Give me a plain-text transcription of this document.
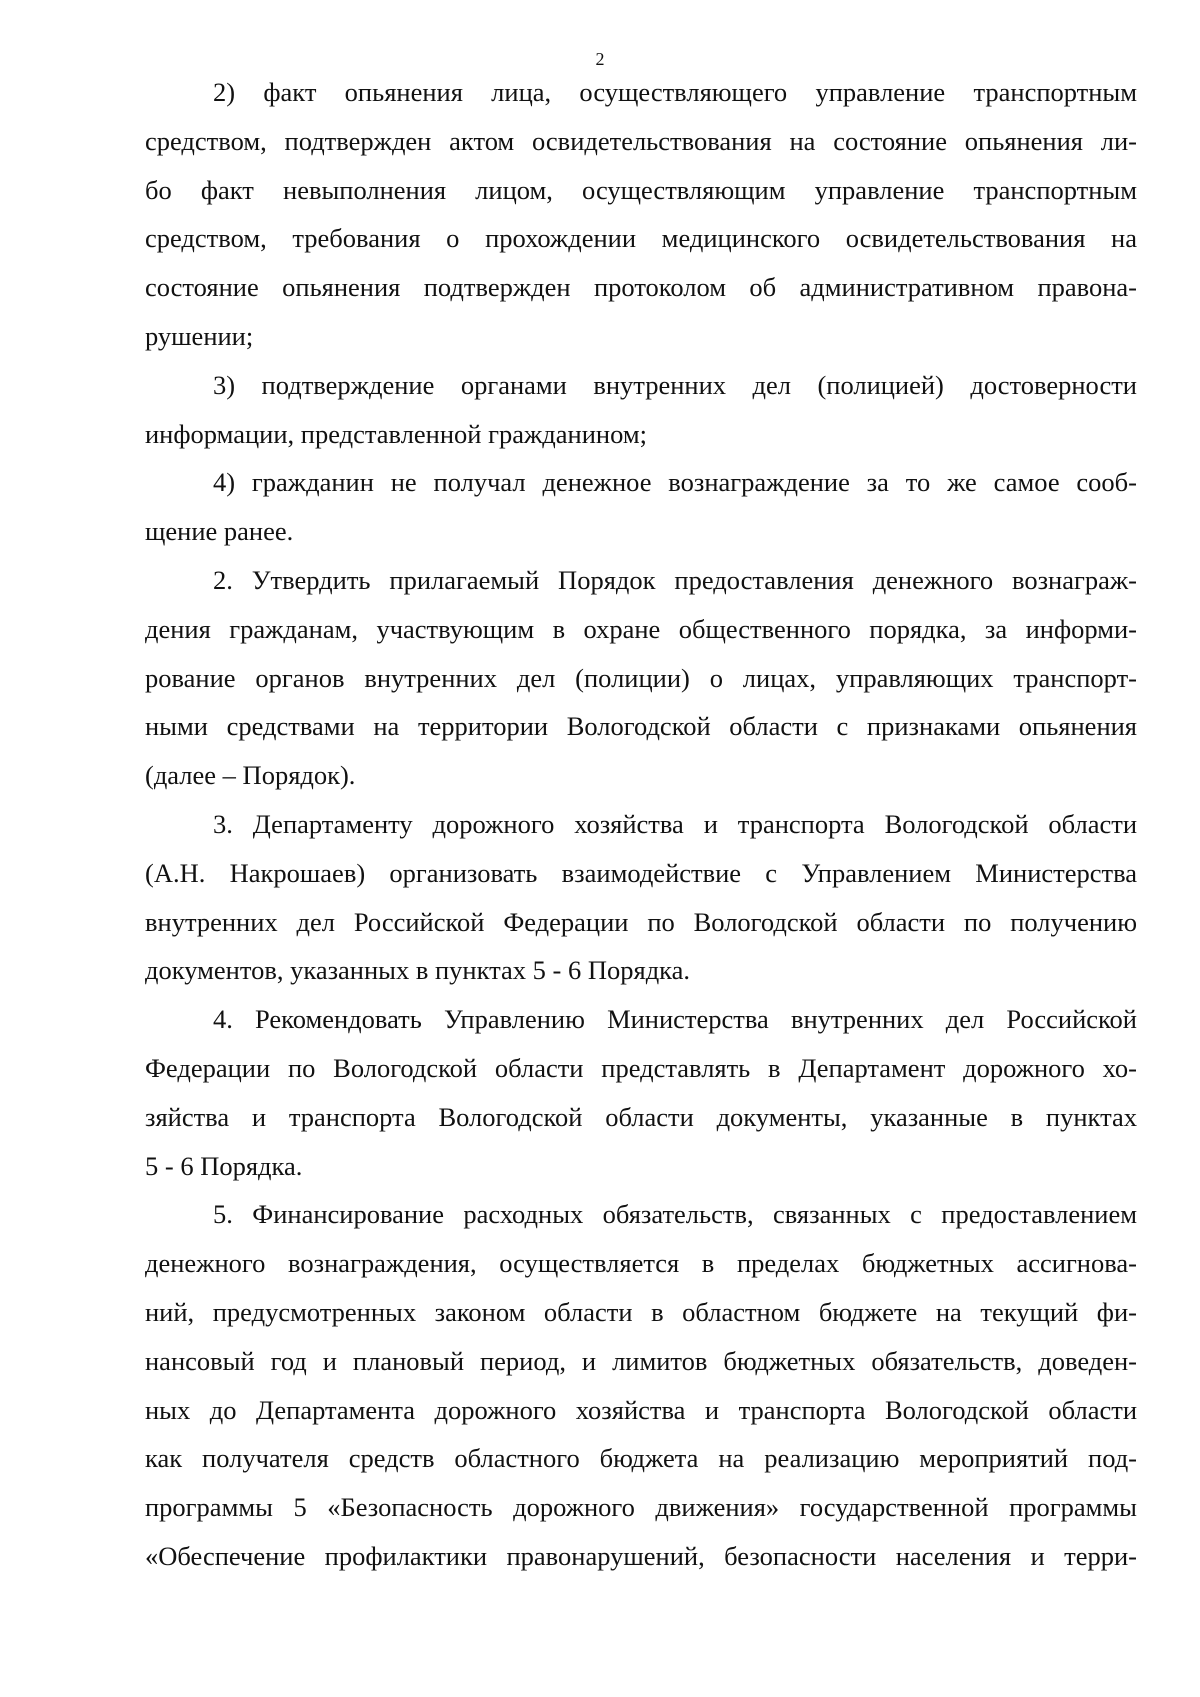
2
2) факт опьянения лица, осуществляющего управление транспортным
средством, подтвержден актом освидетельствования на состояние опьянения ли-
бо факт невыполнения лицом, осуществляющим управление транспортным
средством, требования о прохождении медицинского освидетельствования на
состояние опьянения подтвержден протоколом об административном правона-
рушении;
3) подтверждение органами внутренних дел (полицией) достоверности
информации, представленной гражданином;
4) гражданин не получал денежное вознаграждение за то же самое сооб-
щение ранее.
2. Утвердить прилагаемый Порядок предоставления денежного вознаграж-
дения гражданам, участвующим в охране общественного порядка, за информи-
рование органов внутренних дел (полиции) о лицах, управляющих транспорт-
ными средствами на территории Вологодской области с признаками опьянения
(далее – Порядок).
3. Департаменту дорожного хозяйства и транспорта Вологодской области
(А.Н. Накрошаев) организовать взаимодействие с Управлением Министерства
внутренних дел Российской Федерации по Вологодской области по получению
документов, указанных в пунктах 5 - 6 Порядка.
4. Рекомендовать Управлению Министерства внутренних дел Российской
Федерации по Вологодской области представлять в Департамент дорожного хо-
зяйства и транспорта Вологодской области документы, указанные в пунктах
5 - 6 Порядка.
5. Финансирование расходных обязательств, связанных с предоставлением
денежного вознаграждения, осуществляется в пределах бюджетных ассигнова-
ний, предусмотренных законом области в областном бюджете на текущий фи-
нансовый год и плановый период, и лимитов бюджетных обязательств, доведен-
ных до Департамента дорожного хозяйства и транспорта Вологодской области
как получателя средств областного бюджета на реализацию мероприятий под-
программы 5 «Безопасность дорожного движения» государственной программы
«Обеспечение профилактики правонарушений, безопасности населения и терри-
